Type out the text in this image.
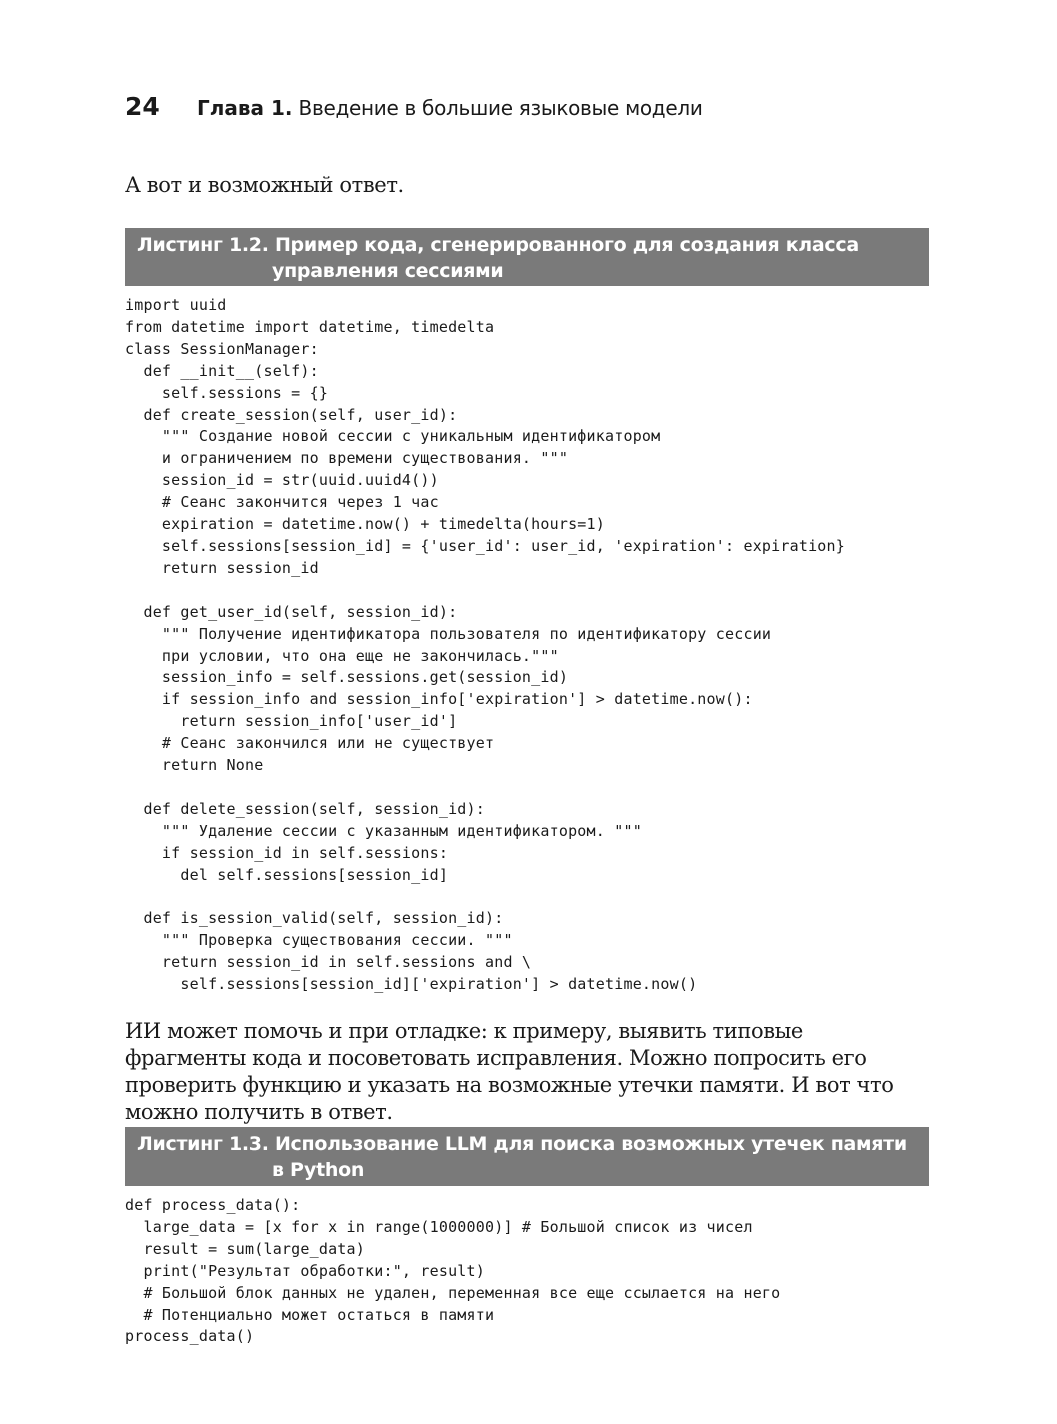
24	Глава 1. Введение в большие языковые модели
А вот и возможный ответ.
Листинг 1.2. Пример кода, сгенерированного для создания класса
управления сессиями
import uuid
from datetime import datetime, timedelta
class SessionManager:
def __init__(self):
self.sessions = {}
def create_session(self, user_id):
""" Создание новой сессии с уникальным идентификатором
и ограничением по времени существования. """
session_id = str(uuid.uuid4())
# Сеанс закончится через 1 час
expiration = datetime.now() + timedelta(hours=1)
self.sessions[session_id] = {'user_id': user_id, 'expiration': expiration}
return session_id

def get_user_id(self, session_id):
""" Получение идентификатора пользователя по идентификатору сессии
при условии, что она еще не закончилась."""
session_info = self.sessions.get(session_id)
if session_info and session_info['expiration'] > datetime.now():
return session_info['user_id']
# Сеанс закончился или не существует
return None

def delete_session(self, session_id):
""" Удаление сессии с указанным идентификатором. """
if session_id in self.sessions:
del self.sessions[session_id]

def is_session_valid(self, session_id):
""" Проверка существования сессии. """
return session_id in self.sessions and \
self.sessions[session_id]['expiration'] > datetime.now()
ИИ может помочь и при отладке: к примеру, выявить типовые фрагменты кода и посоветовать исправления. Можно попросить его проверить функцию и указать на возможные утечки памяти. И вот что можно получить в ответ.
Листинг 1.3. Использование LLM для поиска возможных утечек памяти
в Python
def process_data():
large_data = [x for x in range(1000000)] # Большой список из чисел
result = sum(large_data)
print("Результат обработки:", result)
# Большой блок данных не удален, переменная все еще ссылается на него
# Потенциально может остаться в памяти
process_data()
